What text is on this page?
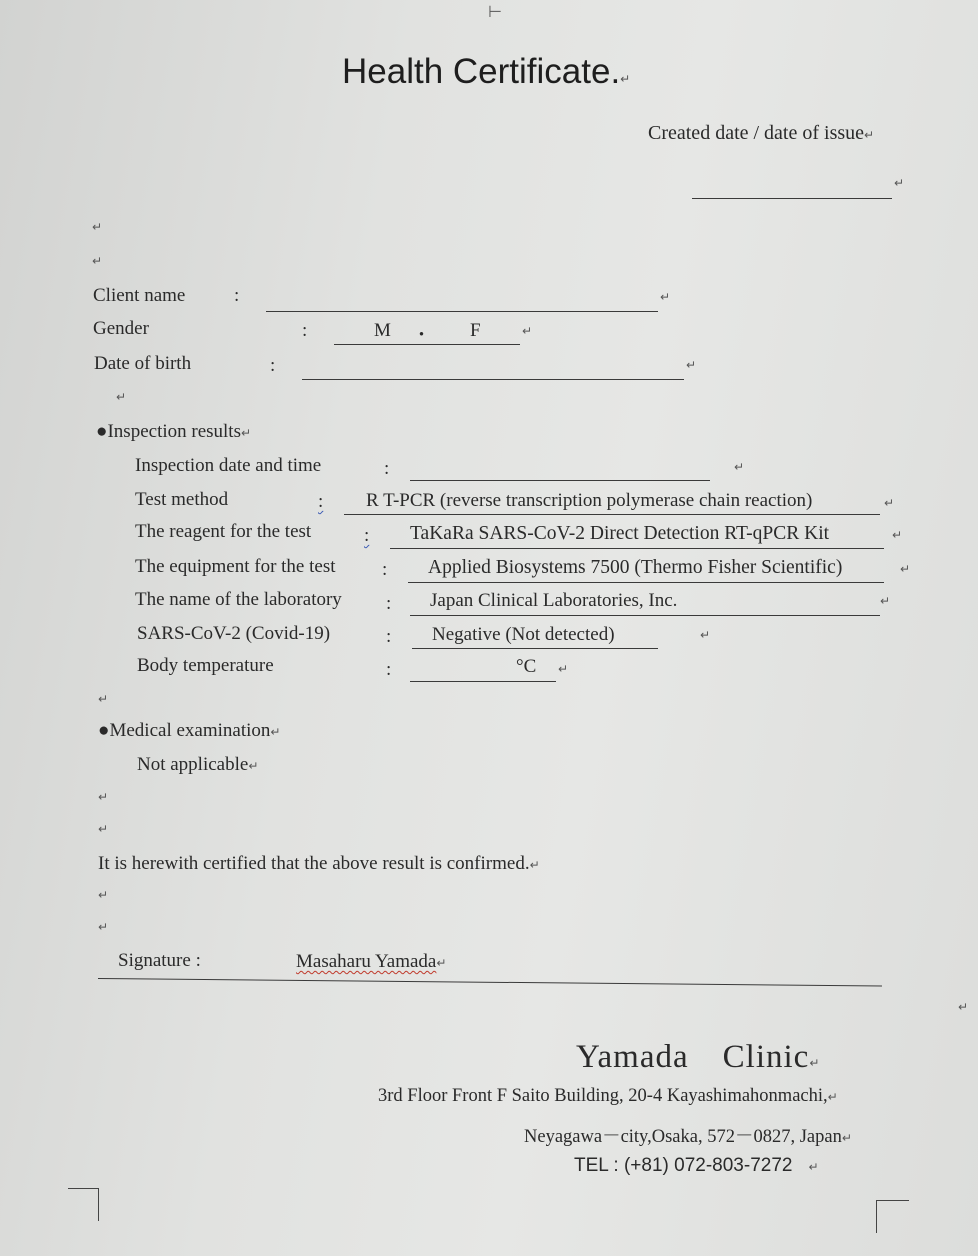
⊢
Health Certificate.↵
Created date / date of issue↵
↵
↵
↵
Client name	:	↵
Gender	:	M ・ F	↵
Date of birth	:	↵
↵
●Inspection results↵
Inspection date and time	:	↵
Test method	: R T-PCR (reverse transcription polymerase chain reaction)	↵
The reagent for the test	: TaKaRa SARS-CoV-2 Direct Detection RT-qPCR Kit	↵
The equipment for the test : Applied Biosystems 7500 (Thermo Fisher Scientific)	↵
The name of the laboratory : Japan Clinical Laboratories, Inc.	↵
SARS-CoV-2 (Covid-19)	: Negative (Not detected)	↵
Body temperature	:	°C ↵
↵
●Medical examination↵
Not applicable↵
↵
↵
It is herewith certified that the above result is confirmed.↵
↵
↵
Signature :	Masaharu Yamada↵
↵
Yamada　Clinic↵
3rd Floor Front F Saito Building, 20-4 Kayashimahonmachi,↵
Neyagawa－city,Osaka, 572－0827, Japan↵
TEL : (+81) 072-803-7272 ↵
